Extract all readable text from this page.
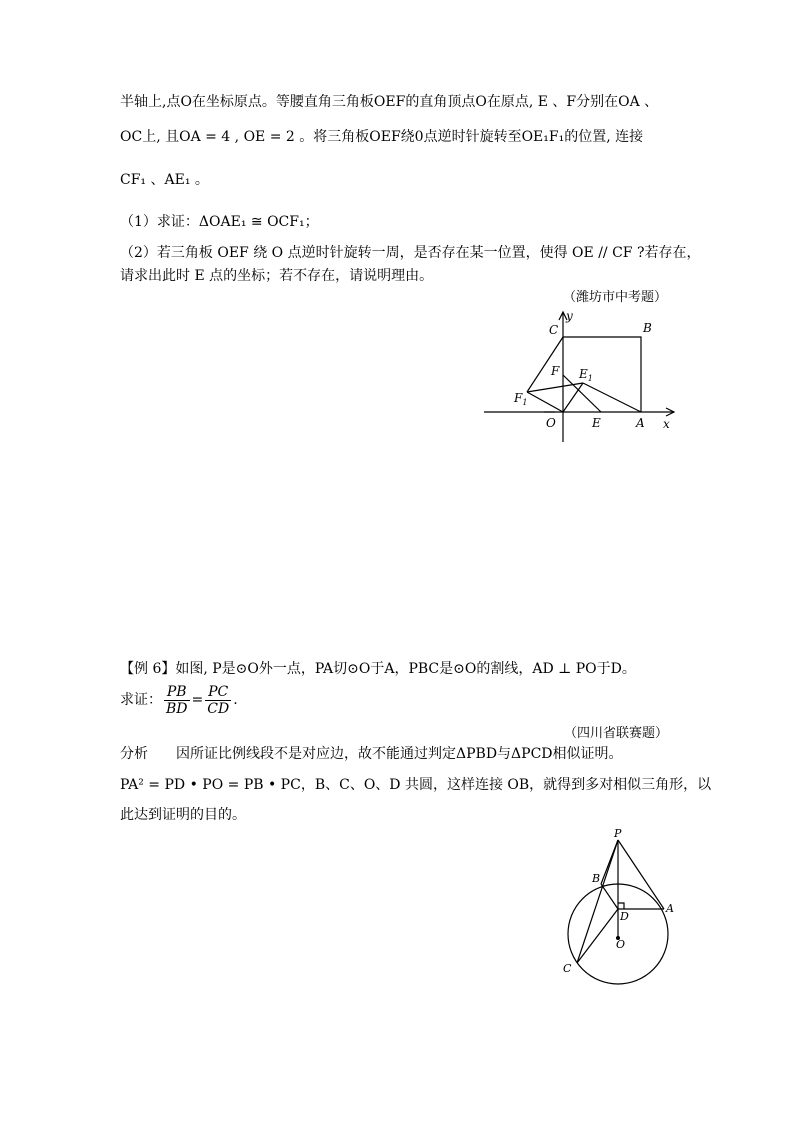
半轴上,点O在坐标原点。等腰直角三角板OEF的直角顶点O在原点, E 、F分别在OA 、
OC上, 且OA = 4 , OE = 2 。将三角板OEF绕0点逆时针旋转至OE₁F₁的位置, 连接
CF₁ 、AE₁ 。
（1）求证：ΔOAE₁ ≅ OCF₁；
（2）若三角板 OEF 绕 O 点逆时针旋转一周，是否存在某一位置，使得 OE // CF ?若存在，
请求出此时 E 点的坐标；若不存在，请说明理由。
（潍坊市中考题）
y
C	B
F $E_1$
$F_1$
O	E	A x
【例 6】如图, P是⊙O外一点，PA切⊙O于A，PBC是⊙O的割线，AD ⊥ PO于D。
求证： $\frac{PB}{BD} = \frac{PC}{CD}$ .
（四川省联赛题）
分析　　因所证比例线段不是对应边，故不能通过判定ΔPBD与ΔPCD相似证明。
PA² = PD • PO = PB • PC，B、C、O、D 共圆，这样连接 OB，就得到多对相似三角形，以
此达到证明的目的。
P
B
A
D
O
C
